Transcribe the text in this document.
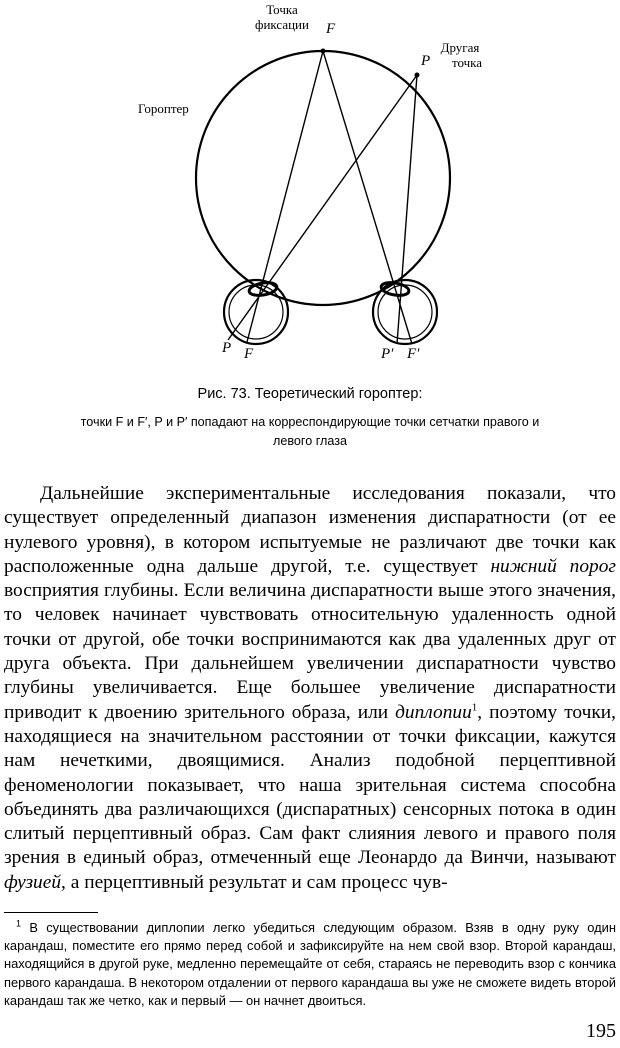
Точка
фиксации	F
Другая
точка
P
Гороптер
P F	P′ F′
Рис. 73. Теоретический гороптер:
точки F и F′, P и P′ попадают на корреспондирующие точки сетчатки правого и
левого глаза

Дальнейшие экспериментальные исследования показали, что существует определенный диапазон изменения диспаратности (от ее нулевого уровня), в котором испытуемые не различают две точки как расположенные одна дальше другой, т.е. существует нижний порог восприятия глубины. Если величина диспаратности выше этого значения, то человек начинает чувствовать относительную удаленность одной точки от другой, обе точки воспринимаются как два удаленных друг от друга объекта. При дальнейшем увеличении диспаратности чувство глубины увеличивается. Еще большее увеличение диспаратности приводит к двоению зрительного образа, или диплопии$^1$, поэтому точки, находящиеся на значительном расстоянии от точки фиксации, кажутся нам нечеткими, двоящимися. Анализ подобной перцептивной феноменологии показывает, что наша зрительная система способна объединять два различающихся (диспаратных) сенсорных потока в один слитый перцептивный образ. Сам факт слияния левого и правого поля зрения в единый образ, отмеченный еще Леонардо да Винчи, называют фузией, а перцептивный результат и сам процесс чув-

$^1$ В существовании диплопии легко убедиться следующим образом. Взяв в одну руку один карандаш, поместите его прямо перед собой и зафиксируйте на нем свой взор. Второй карандаш, находящийся в другой руке, медленно перемещайте от себя, стараясь не переводить взор с кончика первого карандаша. В некотором отдалении от первого карандаша вы уже не сможете видеть второй карандаш так же четко, как и первый — он начнет двоиться.

195
